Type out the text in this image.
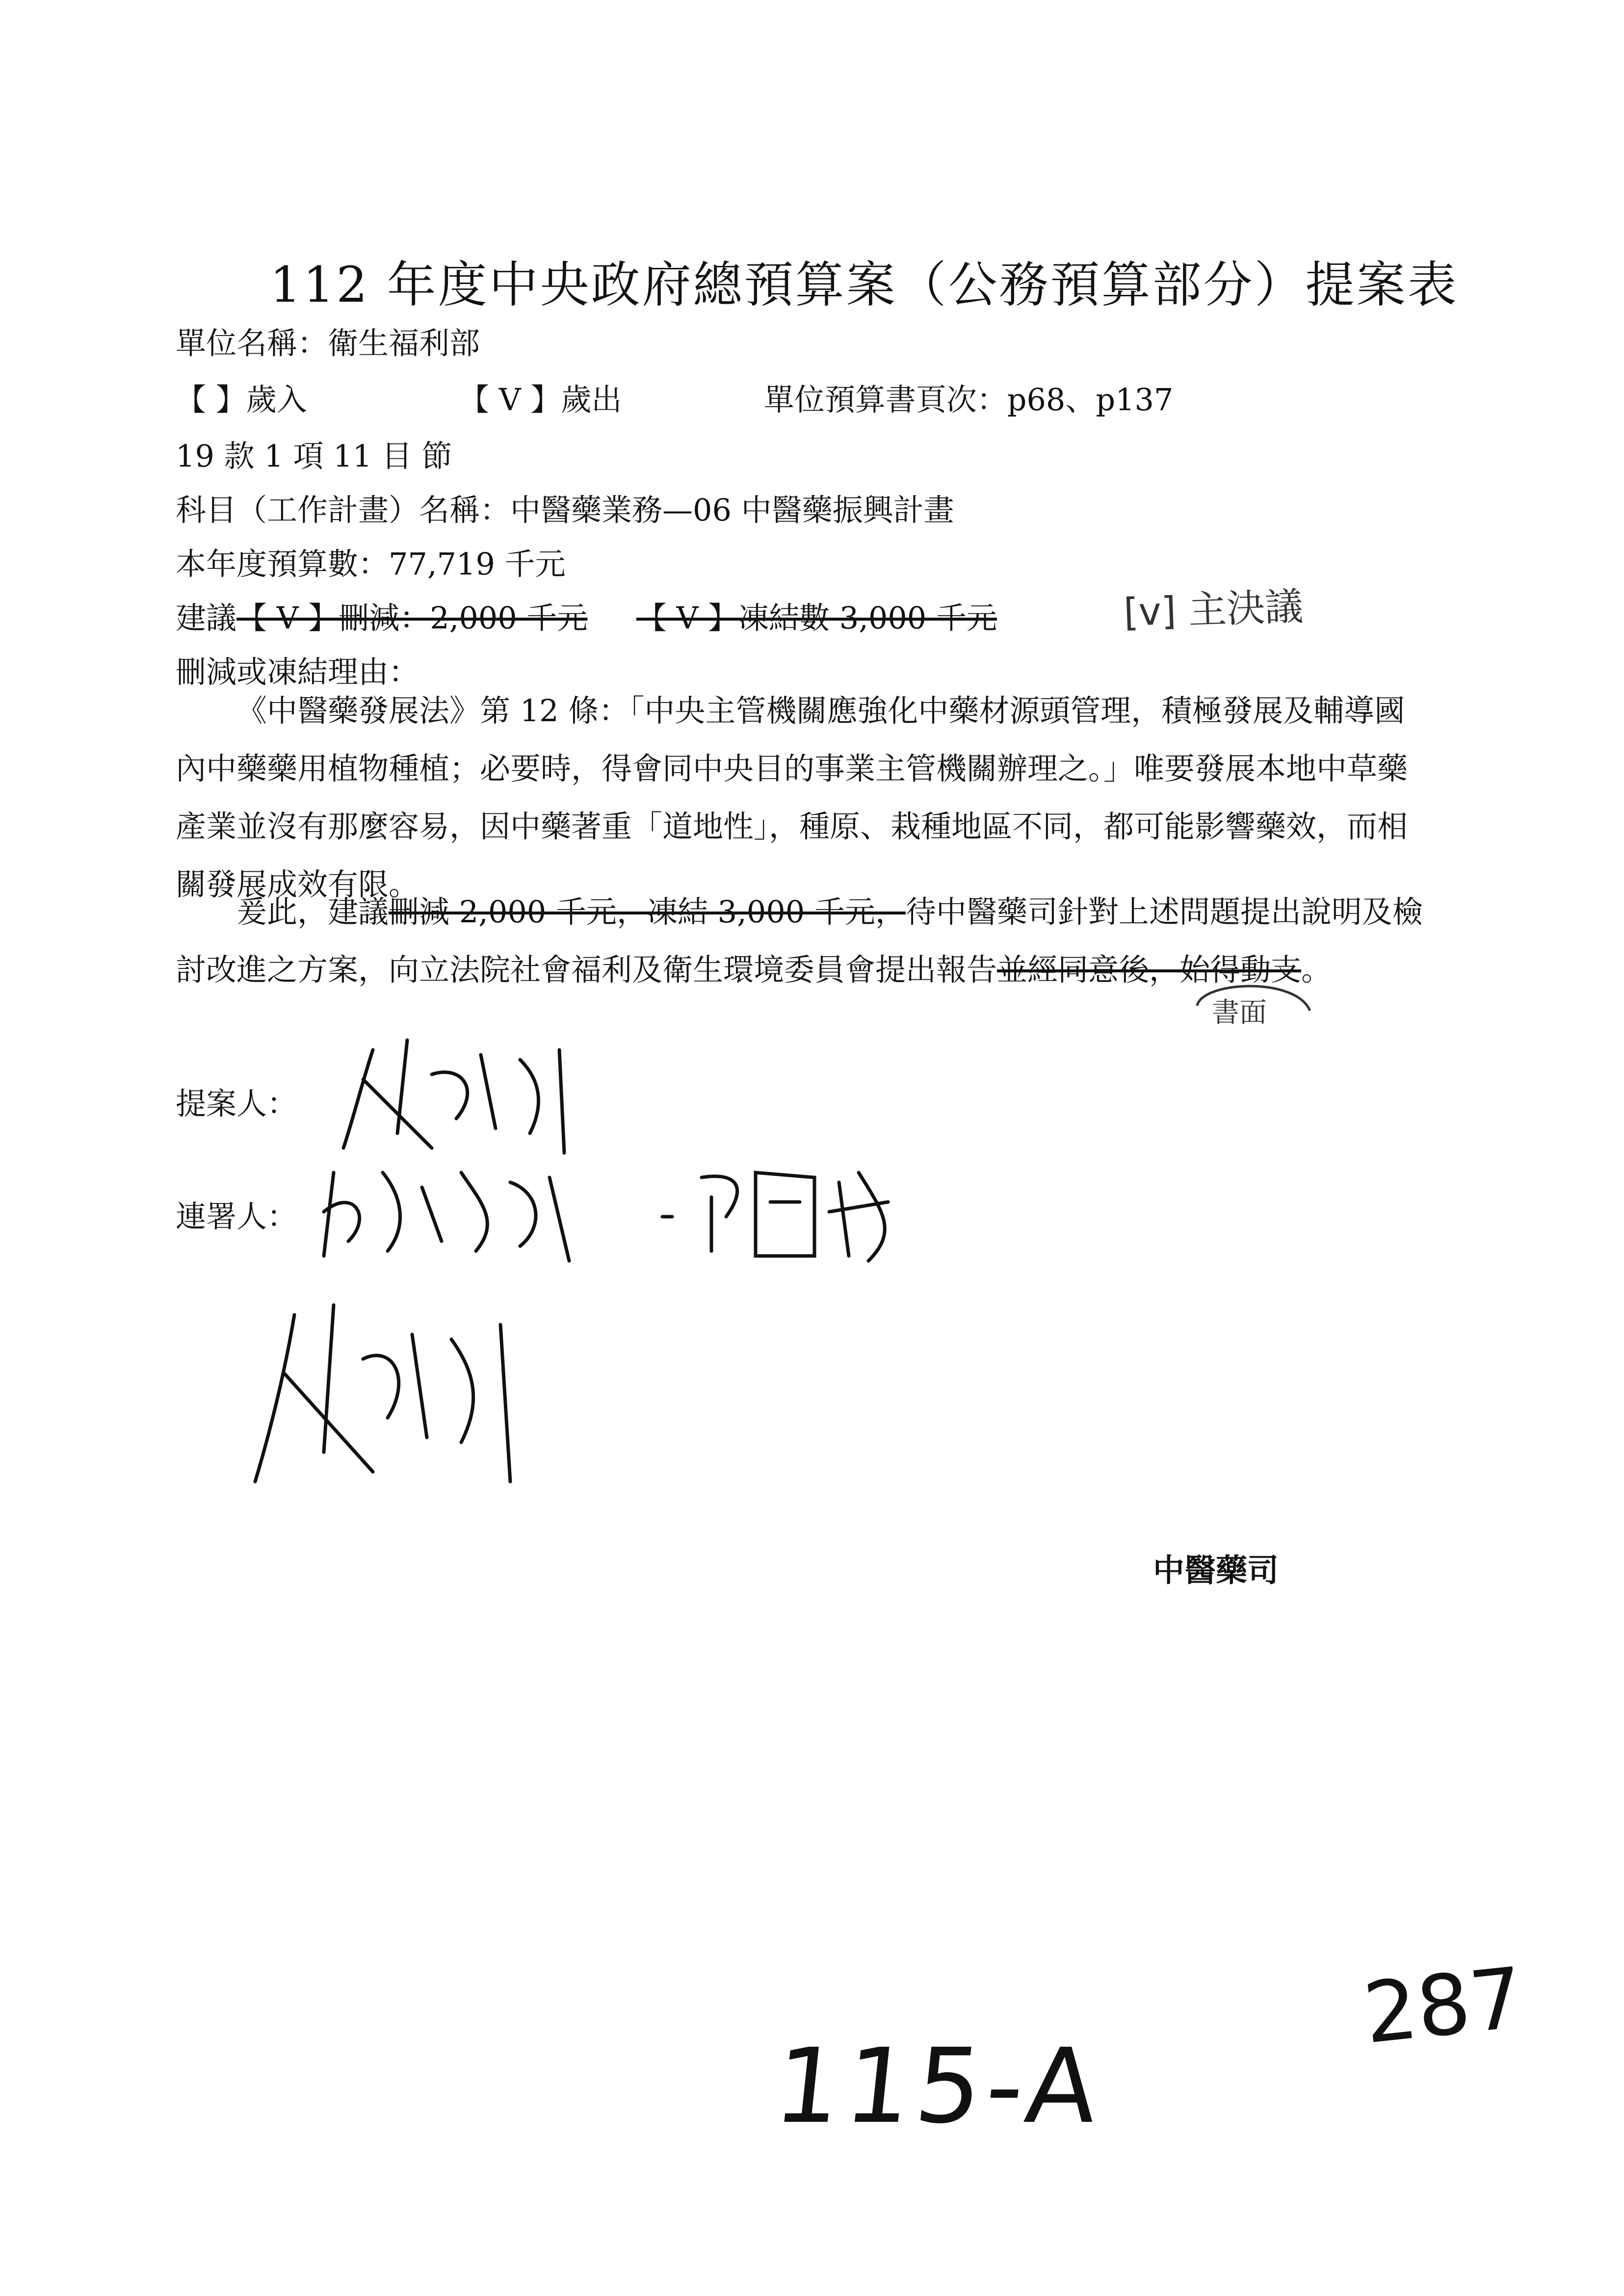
112 年度中央政府總預算案（公務預算部分）提案表
單位名稱：衛生福利部
【 】歲入	【 V 】歲出	單位預算書頁次：p68、p137
19 款 1 項 11 目 節
科目（工作計畫）名稱：中醫藥業務—06 中醫藥振興計畫
本年度預算數：77,719 千元
建議【 V 】刪減：2,000 千元 【 V 】凍結數 3,000 千元	[v] 主決議
刪減或凍結理由：
《中醫藥發展法》第 12 條：「中央主管機關應強化中藥材源頭管理，積極發展及輔導國內中藥藥用植物種植；必要時，得會同中央目的事業主管機關辦理之。」唯要發展本地中草藥產業並沒有那麼容易，因中藥著重「道地性」，種原、栽種地區不同，都可能影響藥效，而相關發展成效有限。
爰此，建議刪減 2,000 千元，凍結 3,000 千元，待中醫藥司針對上述問題提出說明及檢討改進之方案，向立法院社會福利及衛生環境委員會提出報告並經同意後，始得動支。
書面
提案人：
連署人：
中醫藥司
115-A
287
